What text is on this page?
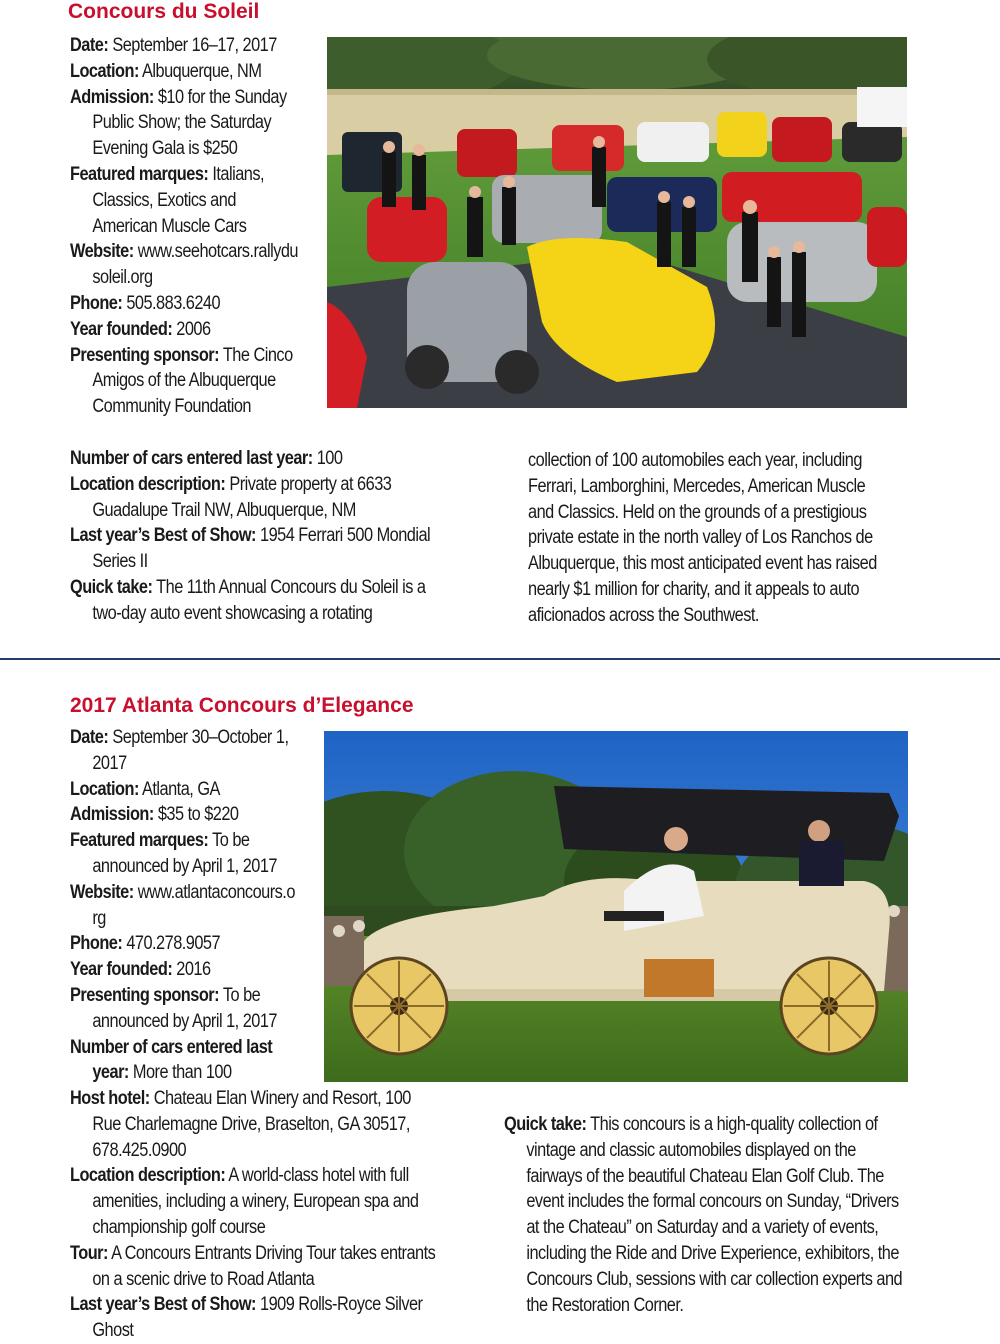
Concours du Soleil
Date: September 16–17, 2017
Location: Albuquerque, NM
Admission: $10 for the Sunday Public Show; the Saturday Evening Gala is $250
Featured marques: Italians, Classics, Exotics and American Muscle Cars
Website: www.seehotcars.rallydusoleil.org
Phone: 505.883.6240
Year founded: 2006
Presenting sponsor: The Cinco Amigos of the Albuquerque Community Foundation
Number of cars entered last year: 100
Location description: Private property at 6633 Guadalupe Trail NW, Albuquerque, NM
Last year’s Best of Show: 1954 Ferrari 500 Mondial Series II
Quick take: The 11th Annual Concours du Soleil is a two-day auto event showcasing a rotating
collection of 100 automobiles each year, including Ferrari, Lamborghini, Mercedes, American Muscle and Classics. Held on the grounds of a prestigious private estate in the north valley of Los Ranchos de Albuquerque, this most anticipated event has raised nearly $1 million for charity, and it appeals to auto aficionados across the Southwest.
2017 Atlanta Concours d’Elegance
Date: September 30–October 1, 2017
Location: Atlanta, GA
Admission: $35 to $220
Featured marques: To be announced by April 1, 2017
Website: www.atlantaconcours.org
Phone: 470.278.9057
Year founded: 2016
Presenting sponsor: To be announced by April 1, 2017
Number of cars entered last year: More than 100
Host hotel: Chateau Elan Winery and Resort, 100 Rue Charlemagne Drive, Braselton, GA 30517, 678.425.0900
Location description: A world-class hotel with full amenities, including a winery, European spa and championship golf course
Tour: A Concours Entrants Driving Tour takes entrants on a scenic drive to Road Atlanta
Last year’s Best of Show: 1909 Rolls-Royce Silver Ghost
Quick take: This concours is a high-quality collection of vintage and classic automobiles displayed on the fairways of the beautiful Chateau Elan Golf Club. The event includes the formal concours on Sunday, “Drivers at the Chateau” on Saturday and a variety of events, including the Ride and Drive Experience, exhibitors, the Concours Club, sessions with car collection experts and the Restoration Corner.
